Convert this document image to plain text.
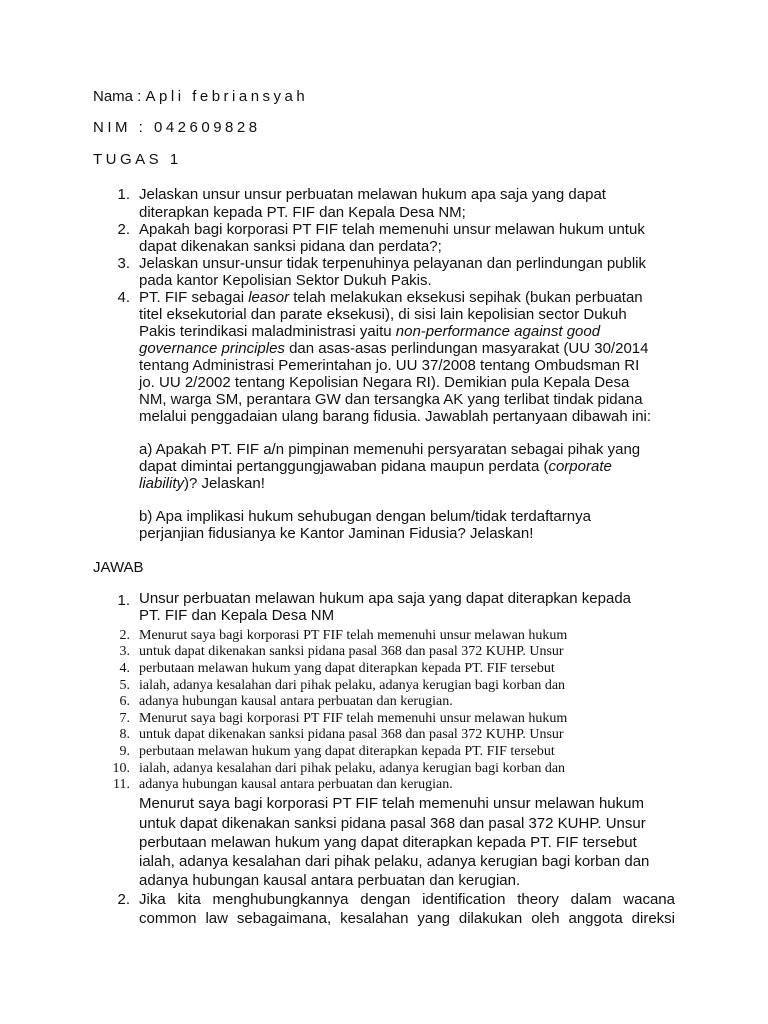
Nama : Apli febriansyah
NIM : 042609828
TUGAS 1
1. Jelaskan unsur unsur perbuatan melawan hukum apa saja yang dapat
diterapkan kepada PT. FIF dan Kepala Desa NM;
2. Apakah bagi korporasi PT FIF telah memenuhi unsur melawan hukum untuk
dapat dikenakan sanksi pidana dan perdata?;
3. Jelaskan unsur-unsur tidak terpenuhinya pelayanan dan perlindungan publik
pada kantor Kepolisian Sektor Dukuh Pakis.
4. PT. FIF sebagai leasor telah melakukan eksekusi sepihak (bukan perbuatan
titel eksekutorial dan parate eksekusi), di sisi lain kepolisian sector Dukuh
Pakis terindikasi maladministrasi yaitu non-performance against good
governance principles dan asas-asas perlindungan masyarakat (UU 30/2014
tentang Administrasi Pemerintahan jo. UU 37/2008 tentang Ombudsman RI
jo. UU 2/2002 tentang Kepolisian Negara RI). Demikian pula Kepala Desa
NM, warga SM, perantara GW dan tersangka AK yang terlibat tindak pidana
melalui penggadaian ulang barang fidusia. Jawablah pertanyaan dibawah ini:
a) Apakah PT. FIF a/n pimpinan memenuhi persyaratan sebagai pihak yang
dapat dimintai pertanggungjawaban pidana maupun perdata (corporate
liability)? Jelaskan!
b) Apa implikasi hukum sehubugan dengan belum/tidak terdaftarnya
perjanjian fidusianya ke Kantor Jaminan Fidusia? Jelaskan!
JAWAB
1. Unsur perbuatan melawan hukum apa saja yang dapat diterapkan kepada
PT. FIF dan Kepala Desa NM
2. Menurut saya bagi korporasi PT FIF telah memenuhi unsur melawan hukum
3. untuk dapat dikenakan sanksi pidana pasal 368 dan pasal 372 KUHP. Unsur
4. perbutaan melawan hukum yang dapat diterapkan kepada PT. FIF tersebut
5. ialah, adanya kesalahan dari pihak pelaku, adanya kerugian bagi korban dan
6. adanya hubungan kausal antara perbuatan dan kerugian.
7. Menurut saya bagi korporasi PT FIF telah memenuhi unsur melawan hukum
8. untuk dapat dikenakan sanksi pidana pasal 368 dan pasal 372 KUHP. Unsur
9. perbutaan melawan hukum yang dapat diterapkan kepada PT. FIF tersebut
10. ialah, adanya kesalahan dari pihak pelaku, adanya kerugian bagi korban dan
11. adanya hubungan kausal antara perbuatan dan kerugian.
Menurut saya bagi korporasi PT FIF telah memenuhi unsur melawan hukum
untuk dapat dikenakan sanksi pidana pasal 368 dan pasal 372 KUHP. Unsur
perbutaan melawan hukum yang dapat diterapkan kepada PT. FIF tersebut
ialah, adanya kesalahan dari pihak pelaku, adanya kerugian bagi korban dan
adanya hubungan kausal antara perbuatan dan kerugian.
2. Jika kita menghubungkannya dengan identification theory dalam wacana
common law sebagaimana, kesalahan yang dilakukan oleh anggota direksi
